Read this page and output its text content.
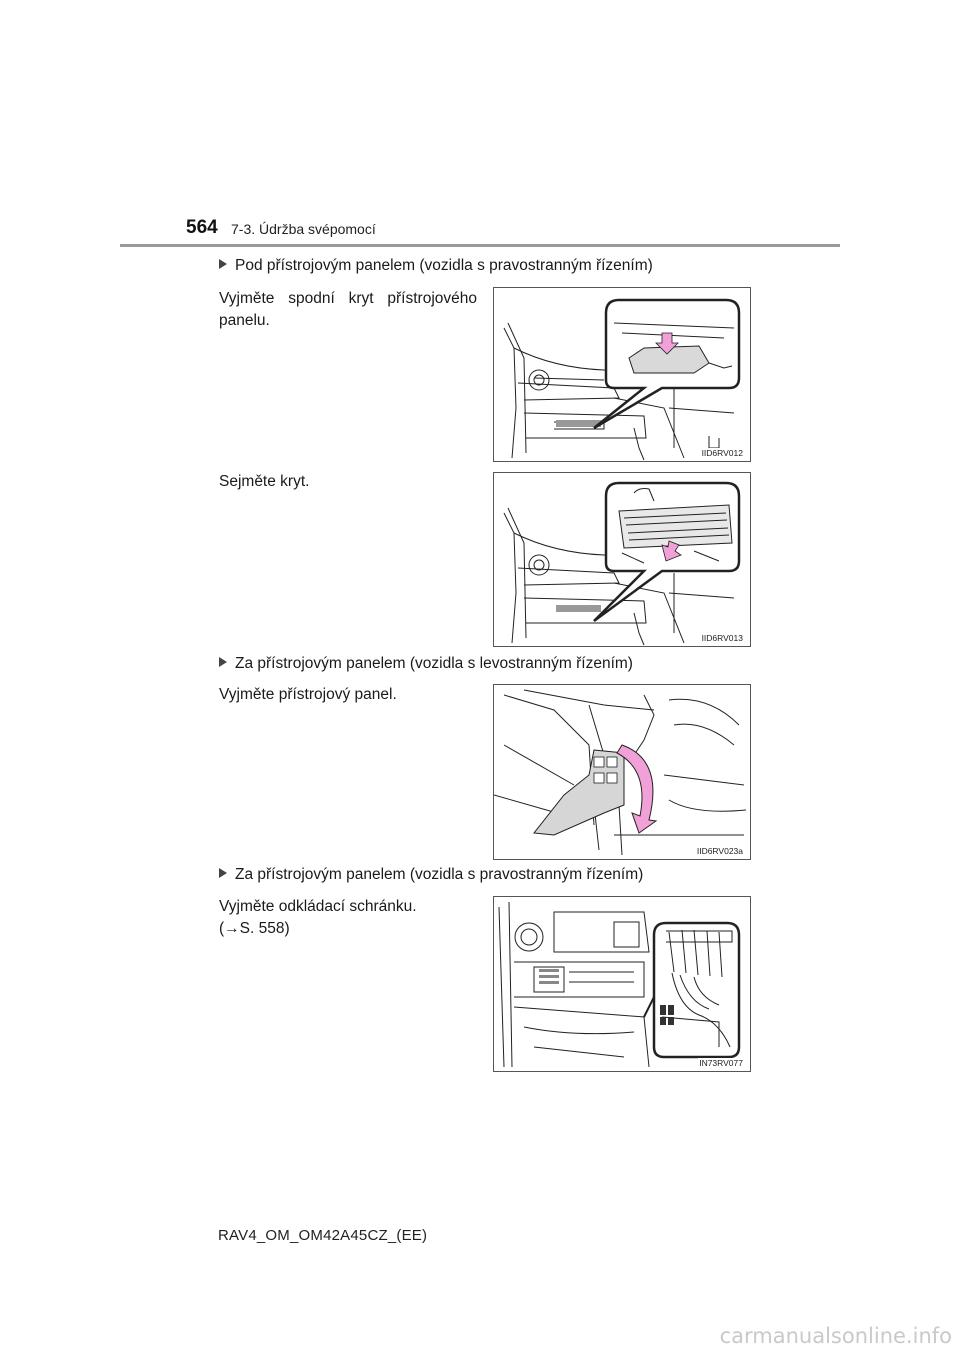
564 7-3. Údržba svépomocí
Pod přístrojovým panelem (vozidla s pravostranným řízením)
Vyjměte spodní kryt přístrojového panelu.
IID6RV012
Sejměte kryt.
IID6RV013
Za přístrojovým panelem (vozidla s levostranným řízením)
Vyjměte přístrojový panel.
IID6RV023a
Za přístrojovým panelem (vozidla s pravostranným řízením)
Vyjměte odkládací schránku.
(→S. 558)
IN73RV077
RAV4_OM_OM42A45CZ_(EE)
carmanualsonline.info
